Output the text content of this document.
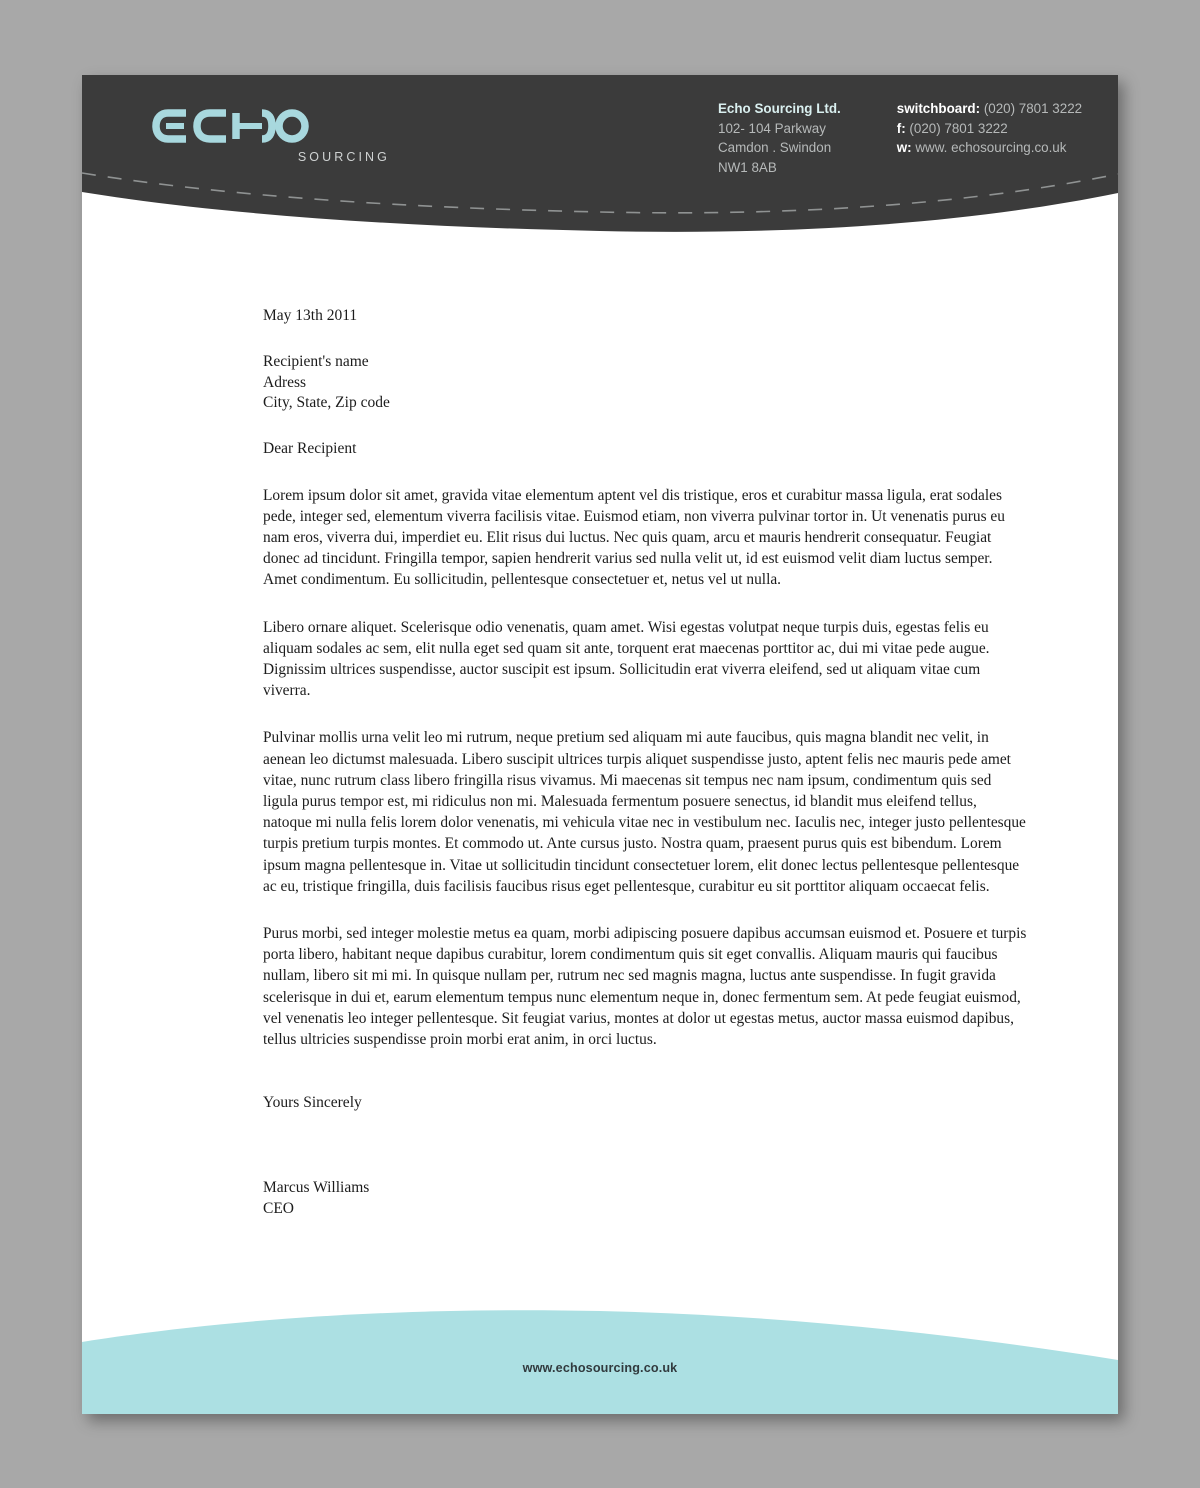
SOURCING
Echo Sourcing Ltd.
102- 104 Parkway
Camdon . Swindon
NW1 8AB
switchboard: (020) 7801 3222
f: (020) 7801 3222
w: www. echosourcing.co.uk
May 13th 2011
Recipient's name
Adress
City, State, Zip code
Dear Recipient

Lorem ipsum dolor sit amet, gravida vitae elementum aptent vel dis tristique, eros et curabitur massa ligula, erat sodales pede, integer sed, elementum viverra facilisis vitae. Euismod etiam, non viverra pulvinar tortor in. Ut venenatis purus eu nam eros, viverra dui, imperdiet eu. Elit risus dui luctus. Nec quis quam, arcu et mauris hendrerit consequatur. Feugiat donec ad tincidunt. Fringilla tempor, sapien hendrerit varius sed nulla velit ut, id est euismod velit diam luctus semper. Amet condimentum. Eu sollicitudin, pellentesque consectetuer et, netus vel ut nulla.

Libero ornare aliquet. Scelerisque odio venenatis, quam amet. Wisi egestas volutpat neque turpis duis, egestas felis eu aliquam sodales ac sem, elit nulla eget sed quam sit ante, torquent erat maecenas porttitor ac, dui mi vitae pede augue. Dignissim ultrices suspendisse, auctor suscipit est ipsum. Sollicitudin erat viverra eleifend, sed ut aliquam vitae cum viverra.

Pulvinar mollis urna velit leo mi rutrum, neque pretium sed aliquam mi aute faucibus, quis magna blandit nec velit, in aenean leo dictumst malesuada. Libero suscipit ultrices turpis aliquet suspendisse justo, aptent felis nec mauris pede amet vitae, nunc rutrum class libero fringilla risus vivamus. Mi maecenas sit tempus nec nam ipsum, condimentum quis sed ligula purus tempor est, mi ridiculus non mi. Malesuada fermentum posuere senectus, id blandit mus eleifend tellus, natoque mi nulla felis lorem dolor venenatis, mi vehicula vitae nec in vestibulum nec. Iaculis nec, integer justo pellentesque turpis pretium turpis montes. Et commodo ut. Ante cursus justo. Nostra quam, praesent purus quis est bibendum. Lorem ipsum magna pellentesque in. Vitae ut sollicitudin tincidunt consectetuer lorem, elit donec lectus pellentesque pellentesque ac eu, tristique fringilla, duis facilisis faucibus risus eget pellentesque, curabitur eu sit porttitor aliquam occaecat felis.

Purus morbi, sed integer molestie metus ea quam, morbi adipiscing posuere dapibus accumsan euismod et. Posuere et turpis porta libero, habitant neque dapibus curabitur, lorem condimentum quis sit eget convallis. Aliquam mauris qui faucibus nullam, libero sit mi mi. In quisque nullam per, rutrum nec sed magnis magna, luctus ante suspendisse. In fugit gravida scelerisque in dui et, earum elementum tempus nunc elementum neque in, donec fermentum sem. At pede feugiat euismod, vel venenatis leo integer pellentesque. Sit feugiat varius, montes at dolor ut egestas metus, auctor massa euismod dapibus, tellus ultricies suspendisse proin morbi erat anim, in orci luctus.

Yours Sincerely
Marcus Williams
CEO
www.echosourcing.co.uk
